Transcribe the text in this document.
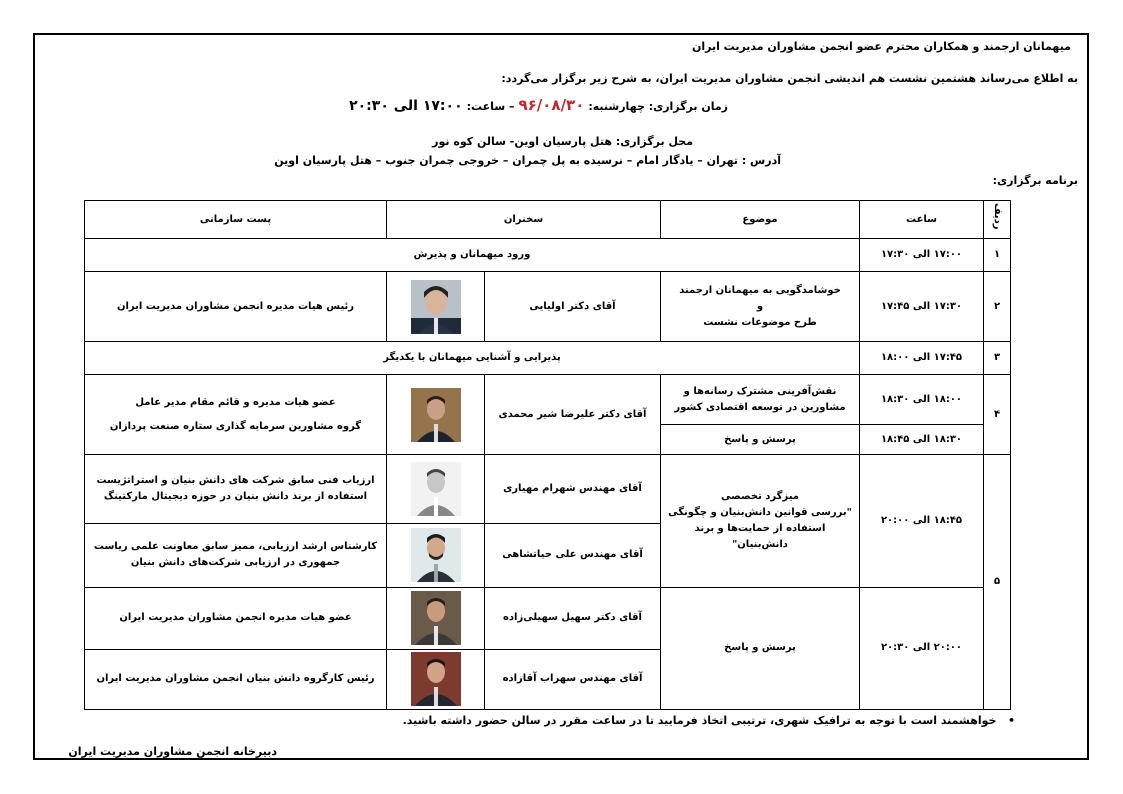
میهمانان ارجمند و همکاران محترم عضو انجمن مشاوران مدیریت ایران
به اطلاع می‌رساند هشتمین نشست هم اندیشی انجمن مشاوران مدیریت ایران، به شرح زیر برگزار می‌گردد:
زمان برگزاری: چهارشنبه:
۹۶/۰۸/۳۰
– ساعت:
۱۷:۰۰ الی ۲۰:۳۰
محل برگزاری: هتل پارسیان اوین- سالن کوه نور
آدرس : تهران – یادگار امام – نرسیده به پل چمران – خروجی چمران جنوب – هتل پارسیان اوین
برنامه برگزاری:
ردیف	ساعت	موضوع	سخنران		پست سازمانی
۱	۱۷:۰۰ الی ۱۷:۳۰	ورود میهمانان و پذیرش			
۲	۱۷:۳۰ الی ۱۷:۴۵	خوشامدگویی به میهمانان ارجمند
و
طرح موضوعات نشست	آقای دکتر اولیایی		رئیس هیات مدیره انجمن مشاوران مدیریت ایران
۳	۱۷:۴۵ الی ۱۸:۰۰	پذیرایی و آشنایی میهمانان با یکدیگر			
۴	۱۸:۰۰ الی ۱۸:۳۰	نقش‌آفرینی مشترک رسانه‌ها و مشاورین در توسعه اقتصادی کشور	آقای دکتر علیرضا شیر محمدی		عضو هیات مدیره و قائم مقام مدیر عامل
گروه مشاورین سرمایه گذاری ستاره صنعت پردازان

	۱۸:۳۰ الی ۱۸:۴۵	پرسش و پاسخ			
۵	۱۸:۴۵ الی ۲۰:۰۰	میزگرد تخصصی
"بررسی قوانین دانش‌بنیان و چگونگی
استفاده از حمایت‌ها و برند دانش‌بنیان"	آقای مهندس شهرام مهیاری		ارزیاب فنی سابق شرکت های دانش بنیان و استراتژیست استفاده از برند دانش بنیان در حوزه دیجیتال مارکتینگ
			آقای مهندس علی حیاتشاهی		کارشناس ارشد ارزیابی، ممیز سابق معاونت علمی ریاست جمهوری در ارزیابی شرکت‌های دانش بنیان
	۲۰:۰۰ الی ۲۰:۳۰	پرسش و پاسخ	آقای دکتر سهیل سهیلی‌زاده		عضو هیات مدیره انجمن مشاوران مدیریت ایران
			آقای مهندس سهراب آقازاده		رئیس کارگروه دانش بنیان انجمن مشاوران مدیریت ایران
•   خواهشمند است با توجه به ترافیک شهری، ترتیبی اتخاذ فرمایید تا در ساعت مقرر در سالن حضور داشته باشید.
دبیرخانه انجمن مشاوران مدیریت ایران
